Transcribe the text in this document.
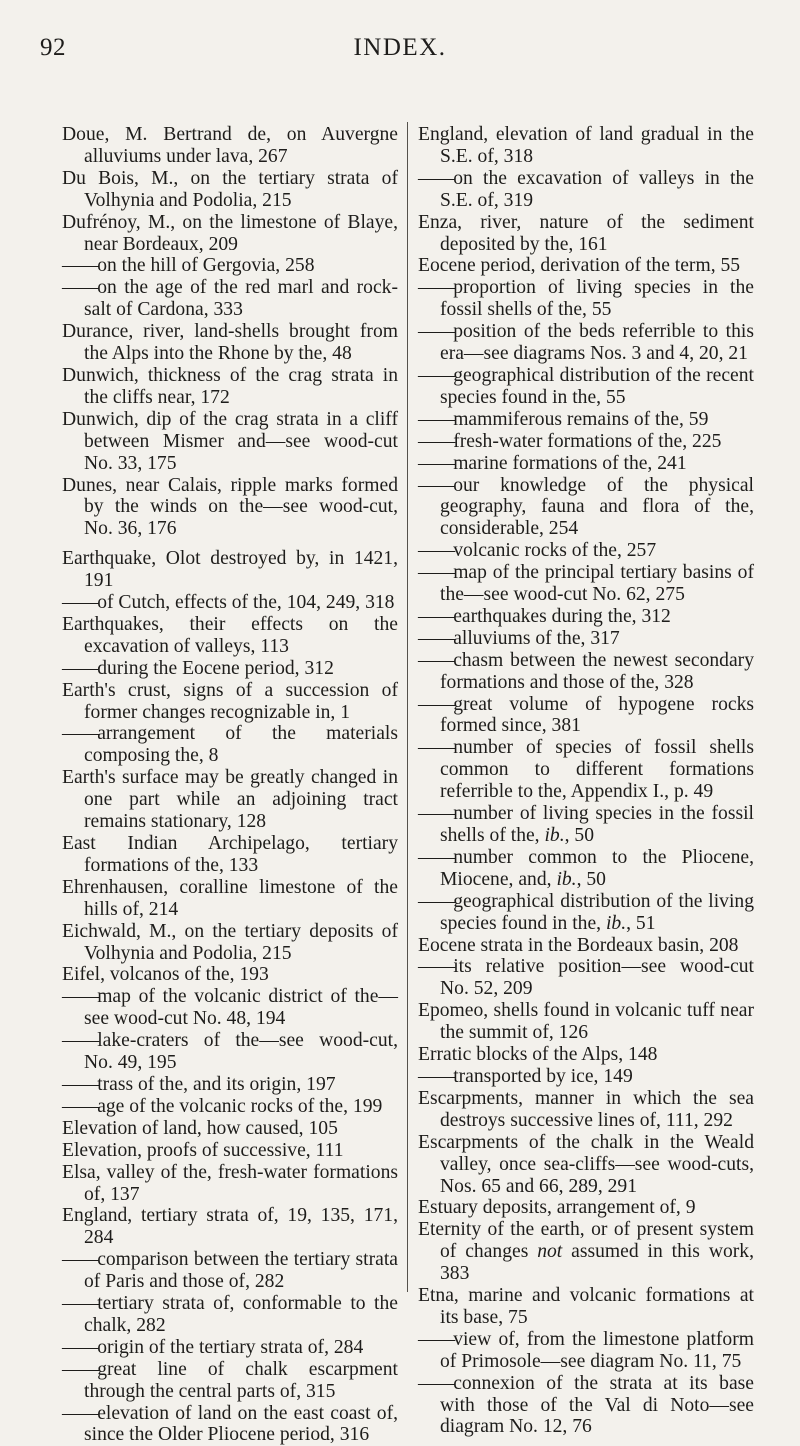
92	INDEX.

Doue, M. Bertrand de, on Auvergne alluviums under lava, 267

Du Bois, M., on the tertiary strata of Volhynia and Podolia, 215

Dufrénoy, M., on the limestone of Blaye, near Bordeaux, 209

—— on the hill of Gergovia, 258

—— on the age of the red marl and rock-salt of Cardona, 333

Durance, river, land-shells brought from the Alps into the Rhone by the, 48

Dunwich, thickness of the crag strata in the cliffs near, 172

Dunwich, dip of the crag strata in a cliff between Mismer and—see wood-cut No. 33, 175

Dunes, near Calais, ripple marks formed by the winds on the—see wood-cut, No. 36, 176

Earthquake, Olot destroyed by, in 1421, 191

—— of Cutch, effects of the, 104, 249, 318

Earthquakes, their effects on the excavation of valleys, 113

—— during the Eocene period, 312

Earth's crust, signs of a succession of former changes recognizable in, 1

—— arrangement of the materials composing the, 8

Earth's surface may be greatly changed in one part while an adjoining tract remains stationary, 128

East Indian Archipelago, tertiary formations of the, 133

Ehrenhausen, coralline limestone of the hills of, 214

Eichwald, M., on the tertiary deposits of Volhynia and Podolia, 215

Eifel, volcanos of the, 193

—— map of the volcanic district of the—see wood-cut No. 48, 194

—— lake-craters of the—see wood-cut, No. 49, 195

—— trass of the, and its origin, 197

—— age of the volcanic rocks of the, 199

Elevation of land, how caused, 105

Elevation, proofs of successive, 111

Elsa, valley of the, fresh-water formations of, 137

England, tertiary strata of, 19, 135, 171, 284

—— comparison between the tertiary strata of Paris and those of, 282

—— tertiary strata of, conformable to the chalk, 282

—— origin of the tertiary strata of, 284

—— great line of chalk escarpment through the central parts of, 315

—— elevation of land on the east coast of, since the Older Pliocene period, 316

England, elevation of land gradual in the S.E. of, 318

—— on the excavation of valleys in the S.E. of, 319

Enza, river, nature of the sediment deposited by the, 161

Eocene period, derivation of the term, 55

—— proportion of living species in the fossil shells of the, 55

—— position of the beds referrible to this era—see diagrams Nos. 3 and 4, 20, 21

—— geographical distribution of the recent species found in the, 55

—— mammiferous remains of the, 59

—— fresh-water formations of the, 225

—— marine formations of the, 241

—— our knowledge of the physical geography, fauna and flora of the, considerable, 254

—— volcanic rocks of the, 257

—— map of the principal tertiary basins of the—see wood-cut No. 62, 275

—— earthquakes during the, 312

—— alluviums of the, 317

—— chasm between the newest secondary formations and those of the, 328

—— great volume of hypogene rocks formed since, 381

—— number of species of fossil shells common to different formations referrible to the, Appendix I., p. 49

—— number of living species in the fossil shells of the, ib., 50

—— number common to the Pliocene, Miocene, and, ib., 50

—— geographical distribution of the living species found in the, ib., 51

Eocene strata in the Bordeaux basin, 208

—— its relative position—see wood-cut No. 52, 209

Epomeo, shells found in volcanic tuff near the summit of, 126

Erratic blocks of the Alps, 148

—— transported by ice, 149

Escarpments, manner in which the sea destroys successive lines of, 111, 292

Escarpments of the chalk in the Weald valley, once sea-cliffs—see wood-cuts, Nos. 65 and 66, 289, 291

Estuary deposits, arrangement of, 9

Eternity of the earth, or of present system of changes not assumed in this work, 383

Etna, marine and volcanic formations at its base, 75

—— view of, from the limestone platform of Primosole—see diagram No. 11, 75

—— connexion of the strata at its base with those of the Val di Noto—see diagram No. 12, 76
